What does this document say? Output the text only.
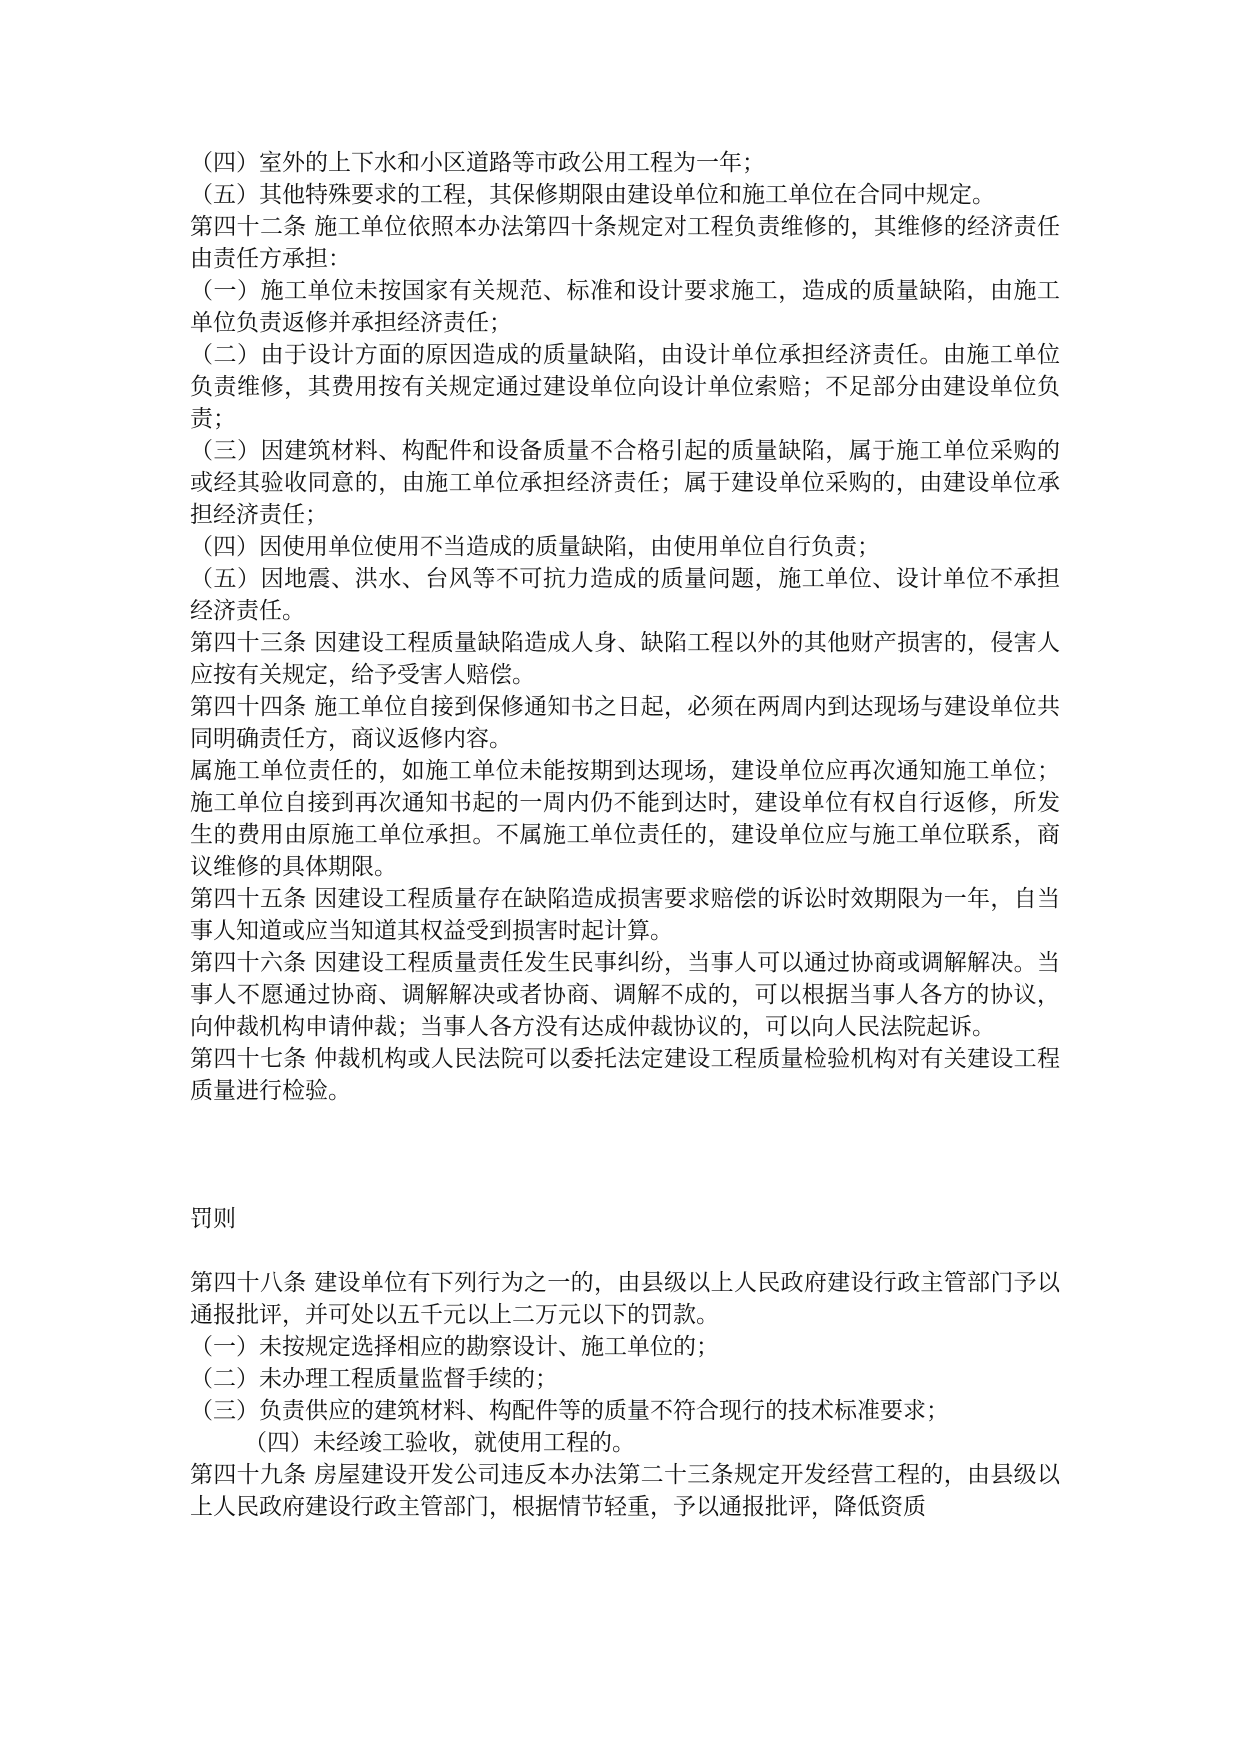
（四）室外的上下水和小区道路等市政公用工程为一年；

（五）其他特殊要求的工程，其保修期限由建设单位和施工单位在合同中规定。

第四十二条 施工单位依照本办法第四十条规定对工程负责维修的，其维修的经济责任由责任方承担：

（一）施工单位未按国家有关规范、标准和设计要求施工，造成的质量缺陷，由施工单位负责返修并承担经济责任；

（二）由于设计方面的原因造成的质量缺陷，由设计单位承担经济责任。由施工单位负责维修，其费用按有关规定通过建设单位向设计单位索赔；不足部分由建设单位负责；

（三）因建筑材料、构配件和设备质量不合格引起的质量缺陷，属于施工单位采购的或经其验收同意的，由施工单位承担经济责任；属于建设单位采购的，由建设单位承担经济责任；

（四）因使用单位使用不当造成的质量缺陷，由使用单位自行负责；

（五）因地震、洪水、台风等不可抗力造成的质量问题，施工单位、设计单位不承担经济责任。

第四十三条 因建设工程质量缺陷造成人身、缺陷工程以外的其他财产损害的，侵害人应按有关规定，给予受害人赔偿。

第四十四条 施工单位自接到保修通知书之日起，必须在两周内到达现场与建设单位共同明确责任方，商议返修内容。

属施工单位责任的，如施工单位未能按期到达现场，建设单位应再次通知施工单位；施工单位自接到再次通知书起的一周内仍不能到达时，建设单位有权自行返修，所发生的费用由原施工单位承担。不属施工单位责任的，建设单位应与施工单位联系，商议维修的具体期限。

第四十五条 因建设工程质量存在缺陷造成损害要求赔偿的诉讼时效期限为一年，自当事人知道或应当知道其权益受到损害时起计算。

第四十六条 因建设工程质量责任发生民事纠纷，当事人可以通过协商或调解解决。当事人不愿通过协商、调解解决或者协商、调解不成的，可以根据当事人各方的协议，向仲裁机构申请仲裁；当事人各方没有达成仲裁协议的，可以向人民法院起诉。

第四十七条 仲裁机构或人民法院可以委托法定建设工程质量检验机构对有关建设工程质量进行检验。

罚则

第四十八条 建设单位有下列行为之一的，由县级以上人民政府建设行政主管部门予以通报批评，并可处以五千元以上二万元以下的罚款。

（一）未按规定选择相应的勘察设计、施工单位的；

（二）未办理工程质量监督手续的；

（三）负责供应的建筑材料、构配件等的质量不符合现行的技术标准要求；

（四）未经竣工验收，就使用工程的。

第四十九条 房屋建设开发公司违反本办法第二十三条规定开发经营工程的，由县级以上人民政府建设行政主管部门，根据情节轻重，予以通报批评，降低资质
